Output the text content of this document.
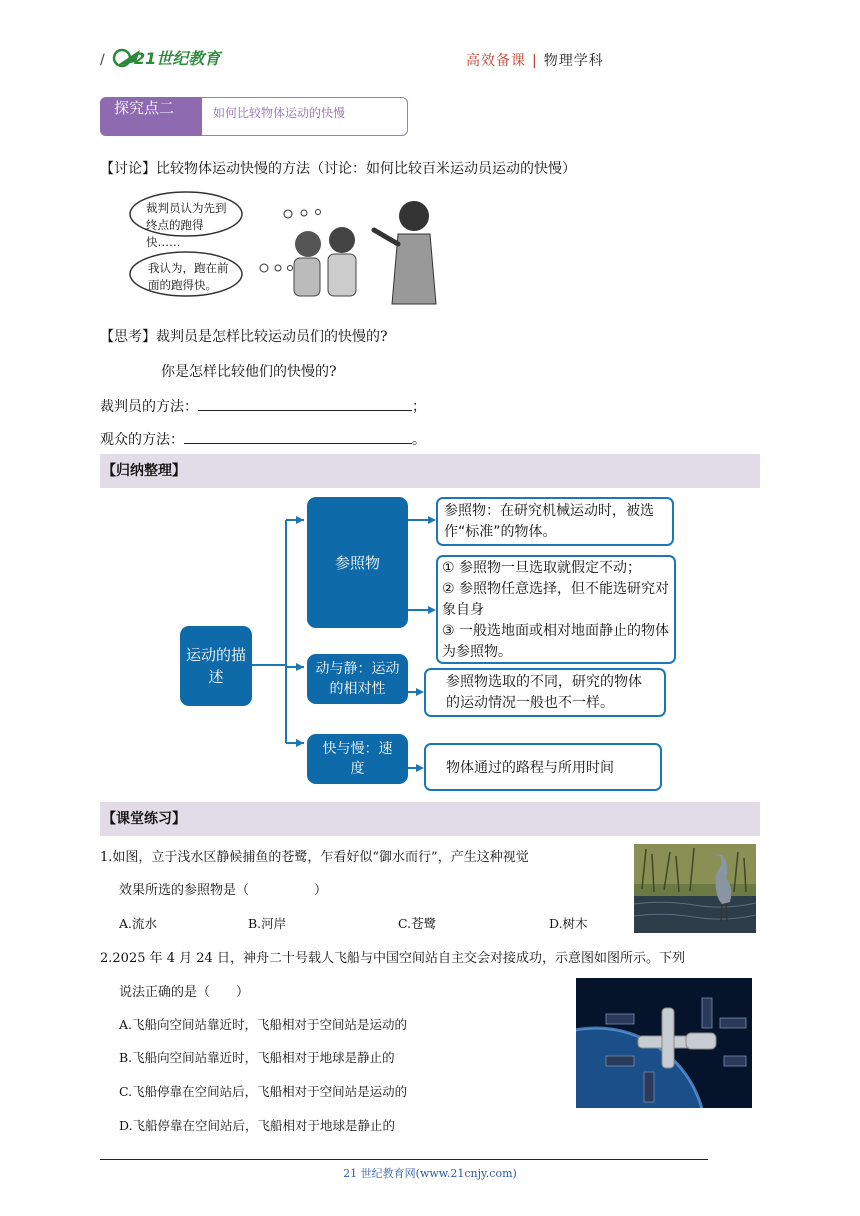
/ 21世纪教育	高效备课 | 物理学科
探究点二	如何比较物体运动的快慢
【讨论】比较物体运动快慢的方法（讨论：如何比较百米运动员运动的快慢）
裁判员认为先到终点的跑得快……
我认为，跑在前面的跑得快。
【思考】裁判员是怎样比较运动员们的快慢的?
你是怎样比较他们的快慢的?
裁判员的方法：	；
观众的方法：	。
【归纳整理】
运动的描述
参照物
动与静：运动的相对性
快与慢：速度
参照物：在研究机械运动时，被选作“标准”的物体。
① 参照物一旦选取就假定不动；
② 参照物任意选择，但不能选研究对象自身
③ 一般选地面或相对地面静止的物体为参照物。
参照物选取的不同，研究的物体的运动情况一般也不一样。
物体通过的路程与所用时间
【课堂练习】
1.如图，立于浅水区静候捕鱼的苍鹭，乍看好似“御水而行”，产生这种视觉
效果所选的参照物是（　　　　　）
A.流水	B.河岸	C.苍鹭	D.树木
2.2025 年 4 月 24 日，神舟二十号载人飞船与中国空间站自主交会对接成功，示意图如图所示。下列
说法正确的是（　　）
A.飞船向空间站靠近时，飞船相对于空间站是运动的
B.飞船向空间站靠近时，飞船相对于地球是静止的
C.飞船停靠在空间站后，飞船相对于空间站是运动的
D.飞船停靠在空间站后，飞船相对于地球是静止的
21 世纪教育网(www.21cnjy.com)
